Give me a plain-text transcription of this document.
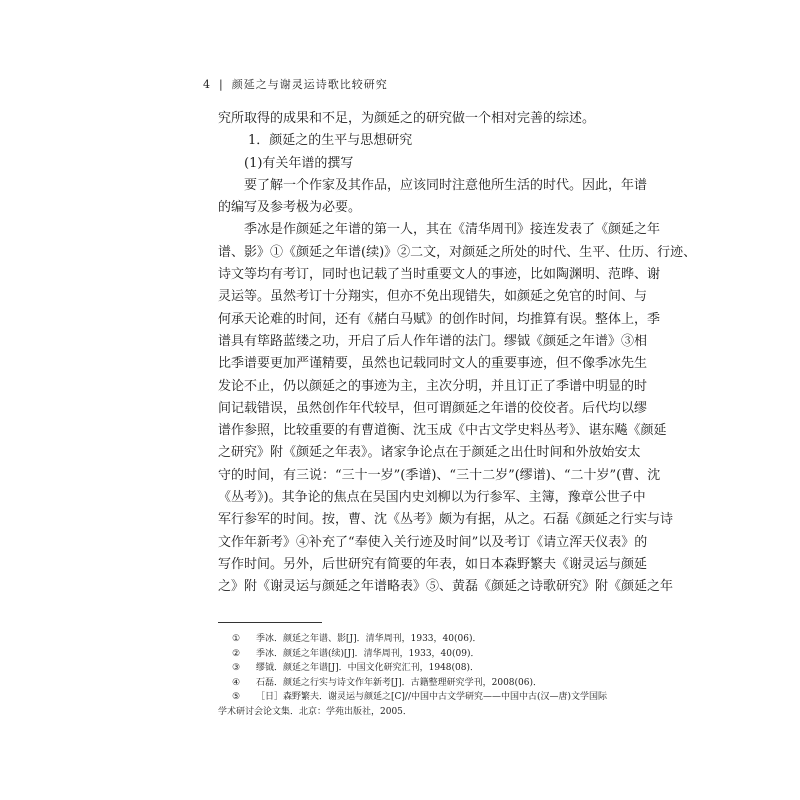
4 | 颜延之与谢灵运诗歌比较研究
究所取得的成果和不足，为颜延之的研究做一个相对完善的综述。
1．颜延之的生平与思想研究
(1)有关年谱的撰写
要了解一个作家及其作品，应该同时注意他所生活的时代。因此，年谱
的编写及参考极为必要。
季冰是作颜延之年谱的第一人，其在《清华周刊》接连发表了《颜延之年
谱、影》①《颜延之年谱(续)》②二文，对颜延之所处的时代、生平、仕历、行迹、
诗文等均有考订，同时也记载了当时重要文人的事迹，比如陶渊明、范晔、谢
灵运等。虽然考订十分翔实，但亦不免出现错失，如颜延之免官的时间、与
何承天论难的时间，还有《赭白马赋》的创作时间，均推算有误。整体上，季
谱具有筚路蓝缕之功，开启了后人作年谱的法门。缪钺《颜延之年谱》③相
比季谱要更加严谨精要，虽然也记载同时文人的重要事迹，但不像季冰先生
发论不止，仍以颜延之的事迹为主，主次分明，并且订正了季谱中明显的时
间记载错误，虽然创作年代较早，但可谓颜延之年谱的佼佼者。后代均以缪
谱作参照，比较重要的有曹道衡、沈玉成《中古文学史料丛考》、谌东飚《颜延
之研究》附《颜延之年表》。诸家争论点在于颜延之出仕时间和外放始安太
守的时间，有三说：“三十一岁”(季谱)、“三十二岁”(缪谱)、“二十岁”(曹、沈
《丛考》)。其争论的焦点在吴国内史刘柳以为行参军、主簿，豫章公世子中
军行参军的时间。按，曹、沈《丛考》颇为有据，从之。石磊《颜延之行实与诗
文作年新考》④补充了“奉使入关行迹及时间”以及考订《请立浑天仪表》的
写作时间。另外，后世研究有简要的年表，如日本森野繁夫《谢灵运与颜延
之》附《谢灵运与颜延之年谱略表》⑤、黄磊《颜延之诗歌研究》附《颜延之年
① 季冰．颜延之年谱、影[J]．清华周刊，1933，40(06)．
② 季冰．颜延之年谱(续)[J]．清华周刊，1933，40(09)．
③ 缪钺．颜延之年谱[J]．中国文化研究汇刊，1948(08)．
④ 石磊．颜延之行实与诗文作年新考[J]．古籍整理研究学刊，2008(06)．
⑤ ［日］森野繁夫．谢灵运与颜延之[C]//中国中古文学研究——中国中古(汉—唐)文学国际
学术研讨会论文集．北京：学苑出版社，2005．
